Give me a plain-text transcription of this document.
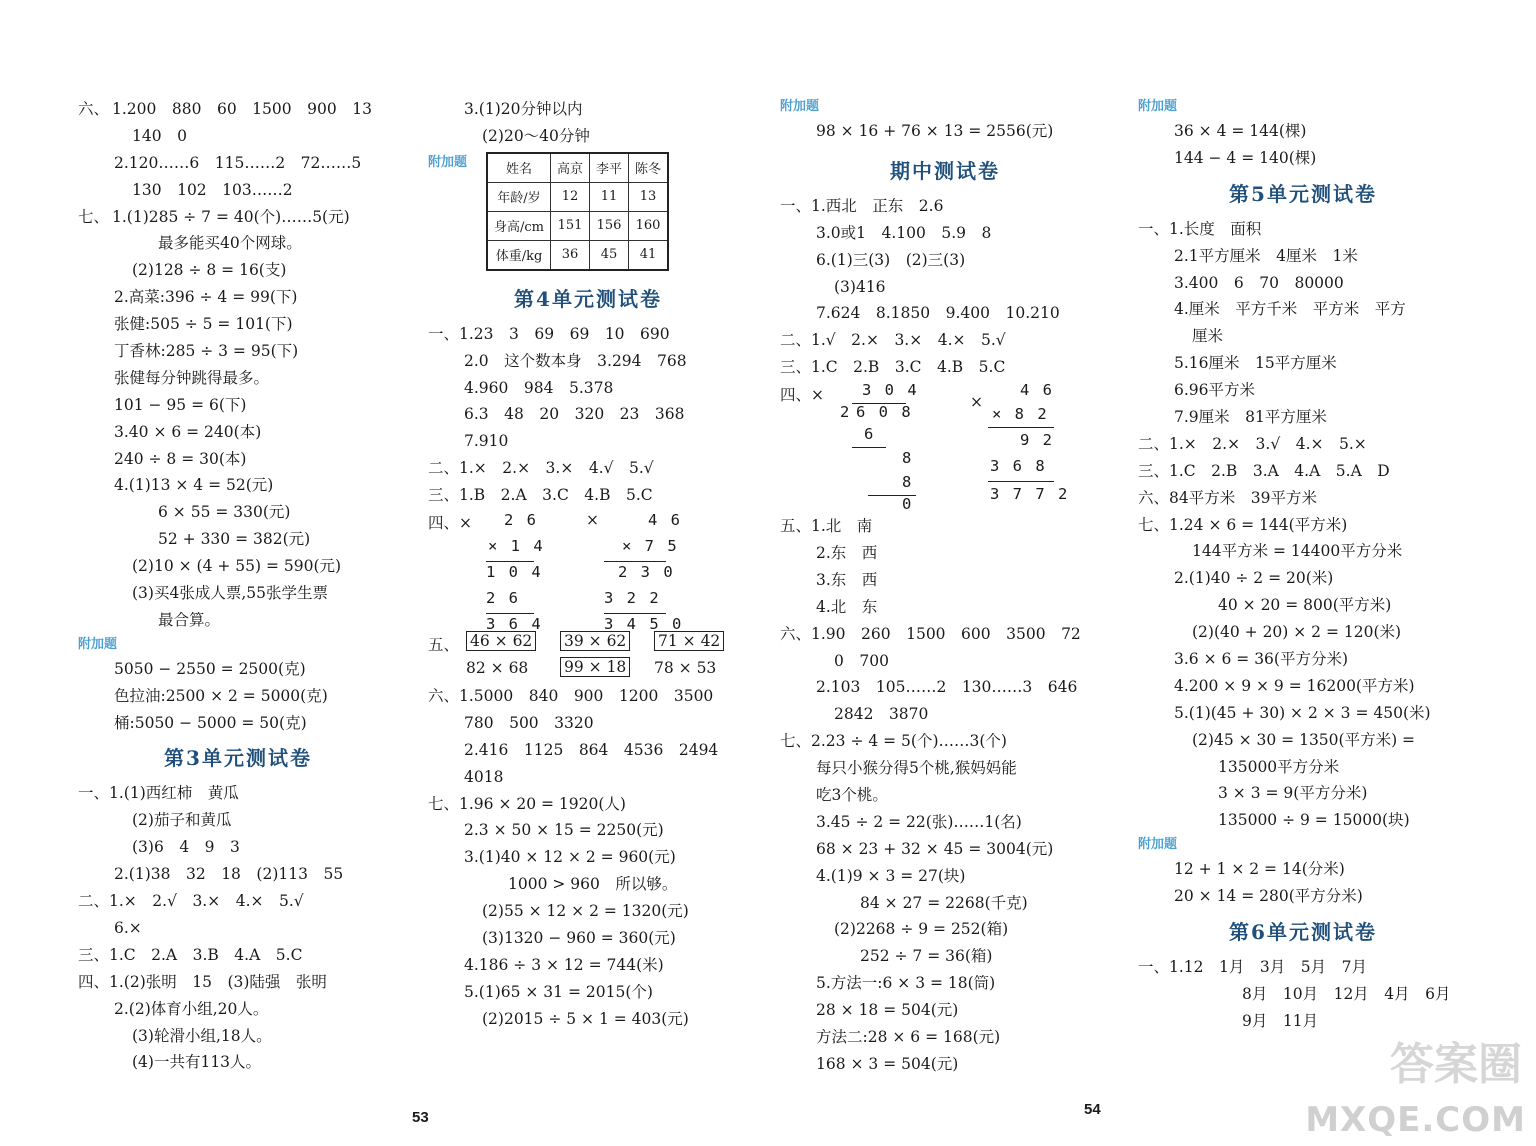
六、 1.200　880　60　1500　900　13
140　0
2.120……6　115……2　72……5
130　102　103……2
七、 1.(1)285 ÷ 7 = 40(个)……5(元)
最多能买40个网球。
(2)128 ÷ 8 = 16(支)
2.高菜:396 ÷ 4 = 99(下)
张健:505 ÷ 5 = 101(下)
丁香林:285 ÷ 3 = 95(下)
张健每分钟跳得最多。
101 − 95 = 6(下)
3.40 × 6 = 240(本)
240 ÷ 8 = 30(本)
4.(1)13 × 4 = 52(元)
6 × 55 = 330(元)
52 + 330 = 382(元)
(2)10 × (4 + 55) = 590(元)
(3)买4张成人票,55张学生票
最合算。
附加题
5050 − 2550 = 2500(克)
色拉油:2500 × 2 = 5000(克)
桶:5050 − 5000 = 50(克)
第3单元测试卷
一、1.(1)西红柿　黄瓜
(2)茄子和黄瓜
(3)6　4　9　3
2.(1)38　32　18　(2)113　55
二、1.×　2.√　3.×　4.×　5.√
6.×
三、1.C　2.A　3.B　4.A　5.C
四、1.(2)张明　15　(3)陆强　张明
2.(2)体育小组,20人。
(3)轮滑小组,18人。
(4)一共有113人。
3.(1)20分钟以内
(2)20～40分钟
附加题	姓名	高京	李平	陈冬
年龄/岁	12	11	13
身高/cm	151	156	160
体重/kg	36	45	41
第4单元测试卷
一、1.23　3　69　69　10　690
2.0　这个数本身　3.294　768
4.960　984　5.378
6.3　48　20　320　23　368
7.910
二、1.×　2.×　3.×　4.√　5.√
三、1.B　2.A　3.C　4.B　5.C
四、× 2 6
× 1 4
1 0 4
2 6
3 6 4
×	4 6
× 7 5
2 3 0
3 2 2
3 4 5 0
五、 46 × 62 39 × 62 71 × 42
82 × 68 99 × 18 78 × 53
六、1.5000　840　900　1200　3500
780　500　3320
2.416　1125　864　4536　2494
4018
七、1.96 × 20 = 1920(人)
2.3 × 50 × 15 = 2250(元)
3.(1)40 × 12 × 2 = 960(元)
1000 > 960　所以够。
(2)55 × 12 × 2 = 1320(元)
(3)1320 − 960 = 360(元)
4.186 ÷ 3 × 12 = 744(米)
5.(1)65 × 31 = 2015(个)
(2)2015 ÷ 5 × 1 = 403(元)
53
附加题
98 × 16 + 76 × 13 = 2556(元)
期中测试卷
一、1.西北　正东　2.6
3.0或1　4.100　5.9　8
6.(1)三(3)　(2)三(3)
(3)416
7.624　8.1850　9.400　10.210
二、1.√　2.×　3.×　4.×　5.√
三、1.C　2.B　3.C　4.B　5.C
四、× 3 0 4
2 6 0 8
6
8
8
0
×
4 6
× 8 2
9 2
3 6 8
3 7 7 2
五、1.北　南
2.东　西
3.东　西
4.北　东
六、1.90　260　1500　600　3500　72
0　700
2.103　105……2　130……3　646
2842　3870
七、2.23 ÷ 4 = 5(个)……3(个)
每只小猴分得5个桃,猴妈妈能
吃3个桃。
3.45 ÷ 2 = 22(张)……1(名)
68 × 23 + 32 × 45 = 3004(元)
4.(1)9 × 3 = 27(块)
84 × 27 = 2268(千克)
(2)2268 ÷ 9 = 252(箱)
252 ÷ 7 = 36(箱)
5.方法一:6 × 3 = 18(筒)
28 × 18 = 504(元)
方法二:28 × 6 = 168(元)
168 × 3 = 504(元)
附加题
36 × 4 = 144(棵)
144 − 4 = 140(棵)
第5单元测试卷
一、1.长度　面积
2.1平方厘米　4厘米　1米
3.400　6　70　80000
4.厘米　平方千米　平方米　平方
厘米
5.16厘米　15平方厘米
6.96平方米
7.9厘米　81平方厘米
二、1.×　2.×　3.√　4.×　5.×
三、1.C　2.B　3.A　4.A　5.A　D
六、84平方米　39平方米
七、1.24 × 6 = 144(平方米)
144平方米 = 14400平方分米
2.(1)40 ÷ 2 = 20(米)
40 × 20 = 800(平方米)
(2)(40 + 20) × 2 = 120(米)
3.6 × 6 = 36(平方分米)
4.200 × 9 × 9 = 16200(平方米)
5.(1)(45 + 30) × 2 × 3 = 450(米)
(2)45 × 30 = 1350(平方米) =
135000平方分米
3 × 3 = 9(平方分米)
135000 ÷ 9 = 15000(块)
附加题
12 + 1 × 2 = 14(分米)
20 × 14 = 280(平方分米)
第6单元测试卷
一、1.12　1月　3月　5月　7月
8月　10月　12月　4月　6月
9月　11月
54
答案圈
MXQE.COM
